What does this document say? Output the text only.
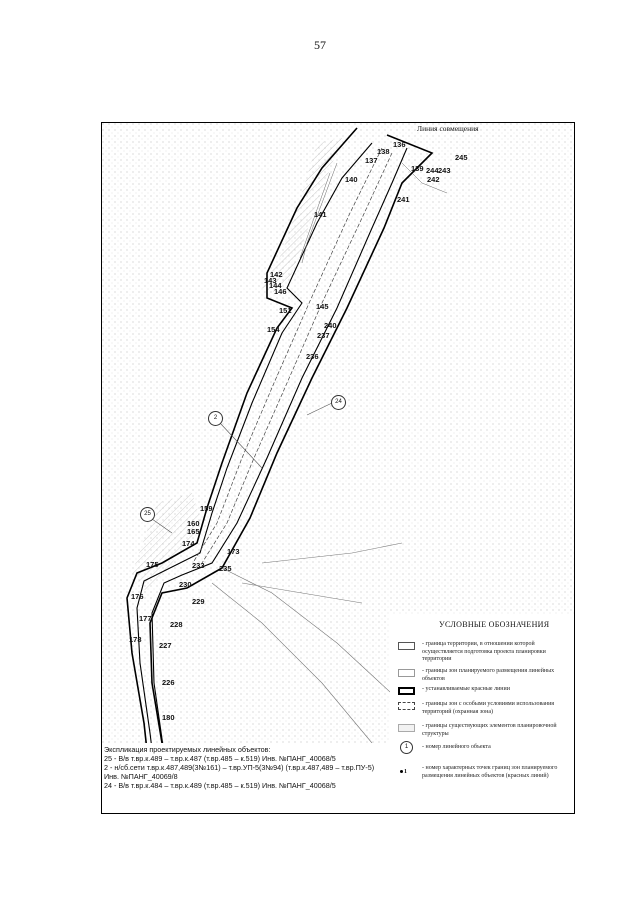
57
Линия совмещения
136
138
137	245
139 244 243
242
241
140
141
142
143
144
146
145
151
240
154
237
236
159
160
165
174
173
233 235
175
230
176
229
177
228
178
227
226
180
2
24
25
УСЛОВНЫЕ ОБОЗНАЧЕНИЯ
- граница территории, в отношении которой осуществляется подготовка проекта планировки территории
- границы зон планируемого размещения линейных объектов
- устанавливаемые красные линии
- границы зон с особыми условиями использования территорий (охранная зона)
- границы существующих элементов планировочной структуры
1	- номер линейного объекта
1
- номер характерных точек границ зон планируемого размещения линейных объектов (красных линий)
Экспликация проектируемых линейных объектов:
25 - В/в т.вр.к.489 – т.вр.к.487 (т.вр.485 – к.519) Инв. №ПАНГ_40068/5
2 - н/сб.сети т.вр.к.487,489(3№161) – т.вр.УП-5(3№94) (т.вр.к.487,489 – т.вр.ПУ-5)
Инв. №ПАНГ_40069/8
24 - В/в т.вр.к.484 – т.вр.к.489 (т.вр.485 – к.519) Инв. №ПАНГ_40068/5
